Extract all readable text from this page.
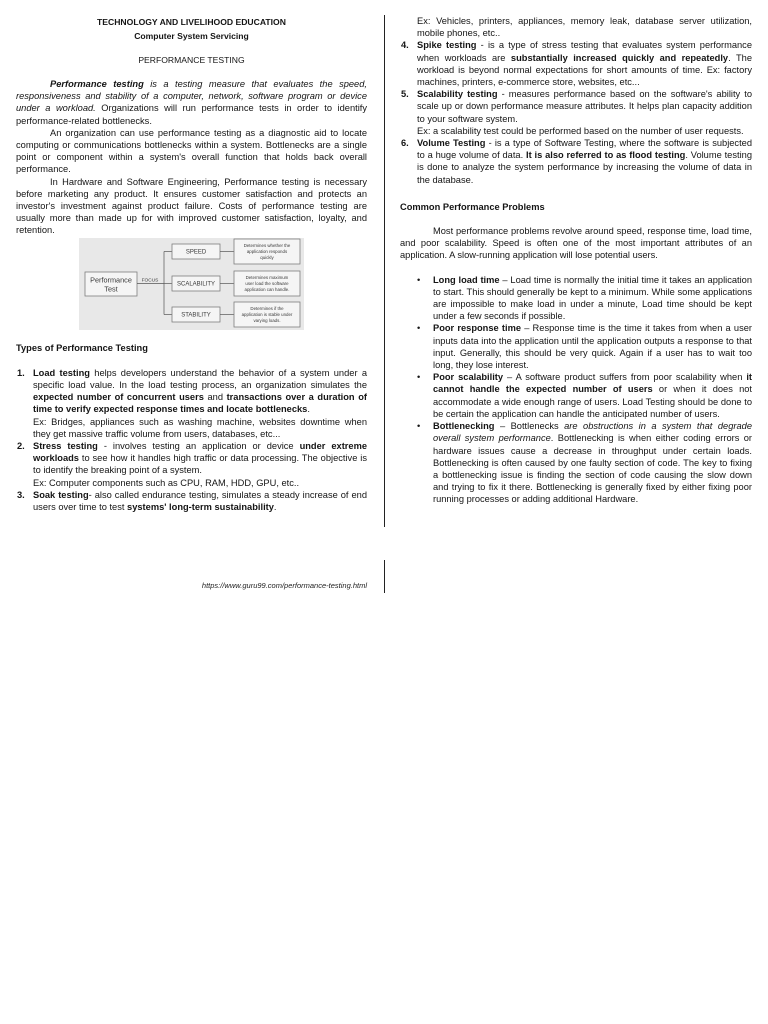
TECHNOLOGY AND LIVELIHOOD EDUCATION
Computer System Servicing
PERFORMANCE TESTING

Performance testing is a testing measure that evaluates the speed, responsiveness and stability of a computer, network, software program or device under a workload. Organizations will run performance tests in order to identify performance-related bottlenecks.

An organization can use performance testing as a diagnostic aid to locate computing or communications bottlenecks within a system. Bottlenecks are a single point or component within a system's overall function that holds back overall performance.

In Hardware and Software Engineering, Performance testing is necessary before marketing any product. It ensures customer satisfaction and protects an investor's investment against product failure. Costs of performance testing are usually more than made up for with improved customer satisfaction, loyalty, and retention.

Performance
Test
FOCUS
SPEED
Determines whether the
application responds
quickly
SCALABILITY
Determines maximum
user load the software
application can handle.
STABILITY
Determines if the
application is stable under
varying loads.
Types of Performance Testing
1. Load testing helps developers understand the behavior of a system under a specific load value. In the load testing process, an organization simulates the expected number of concurrent users and transactions over a duration of time to verify expected response times and locate bottlenecks.
Ex: Bridges, appliances such as washing machine, websites downtime when they get massive traffic volume from users, databases, etc...
2. Stress testing - involves testing an application or device under extreme workloads to see how it handles high traffic or data processing. The objective is to identify the breaking point of a system.
Ex: Computer components such as CPU, RAM, HDD, GPU, etc..
3. Soak testing- also called endurance testing, simulates a steady increase of end users over time to test systems' long-term sustainability.
Ex: Vehicles, printers, appliances, memory leak, database server utilization, mobile phones, etc..
4. Spike testing - is a type of stress testing that evaluates system performance when workloads are substantially increased quickly and repeatedly. The workload is beyond normal expectations for short amounts of time. Ex: factory machines, printers, e-commerce store, websites, etc...
5. Scalability testing - measures performance based on the software's ability to scale up or down performance measure attributes. It helps plan capacity addition to your software system.
Ex: a scalability test could be performed based on the number of user requests.
6. Volume Testing - is a type of Software Testing, where the software is subjected to a huge volume of data. It is also referred to as flood testing. Volume testing is done to analyze the system performance by increasing the volume of data in the database.
Common Performance Problems

Most performance problems revolve around speed, response time, load time, and poor scalability. Speed is often one of the most important attributes of an application. A slow-running application will lose potential users.

• Long load time – Load time is normally the initial time it takes an application to start. This should generally be kept to a minimum. While some applications are impossible to make load in under a minute, Load time should be kept under a few seconds if possible.
• Poor response time – Response time is the time it takes from when a user inputs data into the application until the application outputs a response to that input. Generally, this should be very quick. Again if a user has to wait too long, they lose interest.
• Poor scalability – A software product suffers from poor scalability when it cannot handle the expected number of users or when it does not accommodate a wide enough range of users. Load Testing should be done to be certain the application can handle the anticipated number of users.
• Bottlenecking – Bottlenecks are obstructions in a system that degrade overall system performance. Bottlenecking is when either coding errors or hardware issues cause a decrease in throughput under certain loads. Bottlenecking is often caused by one faulty section of code. The key to fixing a bottlenecking issue is finding the section of code causing the slow down and trying to fix it there. Bottlenecking is generally fixed by either fixing poor running processes or adding additional Hardware.
https://www.guru99.com/performance-testing.html
